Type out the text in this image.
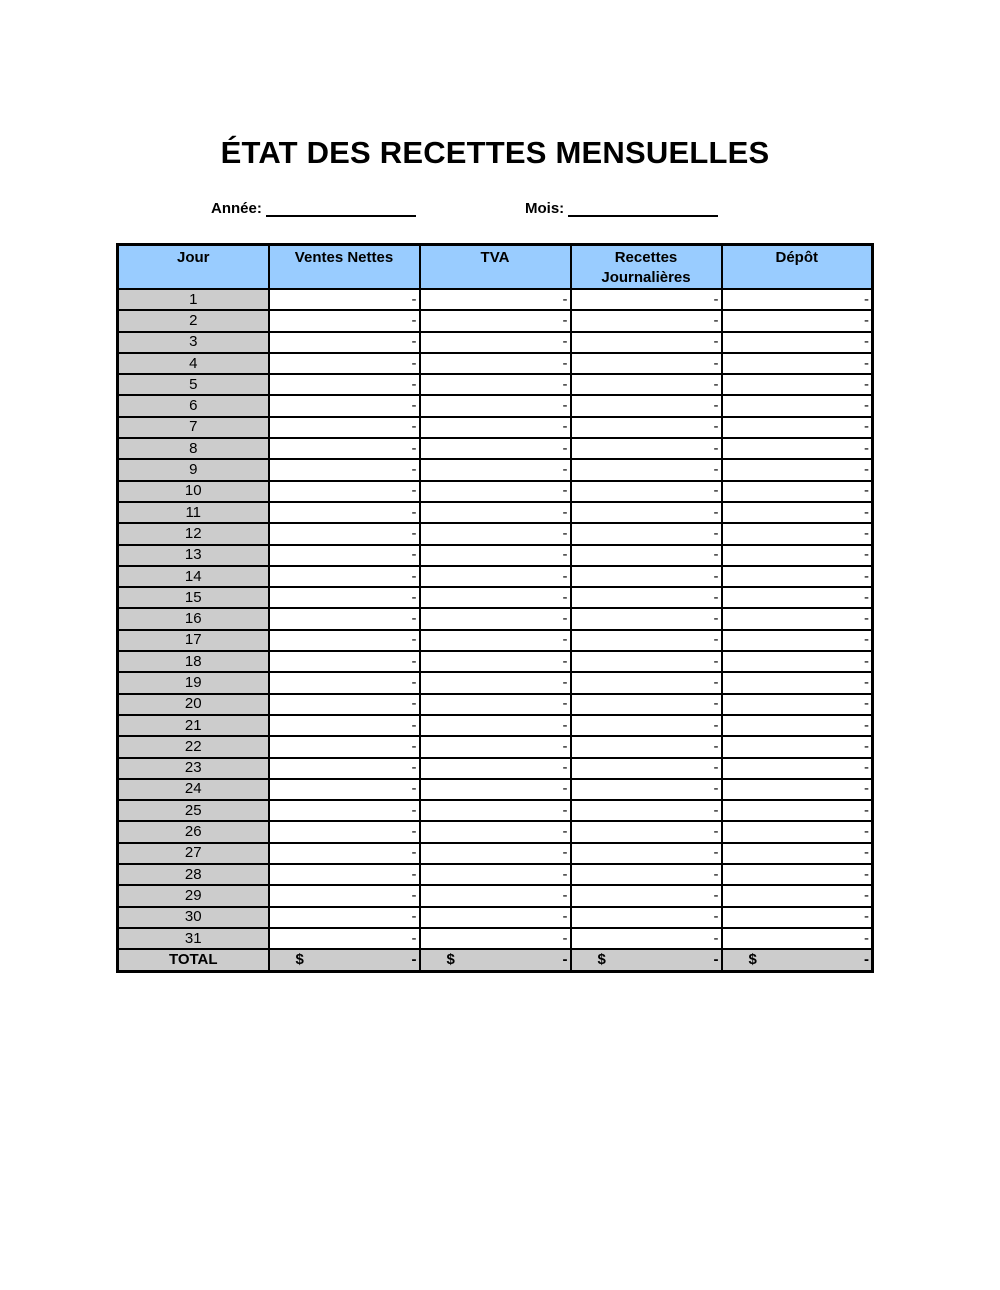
ÉTAT DES RECETTES MENSUELLES
Année:	Mois:
Jour	Ventes Nettes	TVA	Recettes Journalières	Dépôt
1	-	-	-	-
2	-	-	-	-
3	-	-	-	-
4	-	-	-	-
5	-	-	-	-
6	-	-	-	-
7	-	-	-	-
8	-	-	-	-
9	-	-	-	-
10	-	-	-	-
11	-	-	-	-
12	-	-	-	-
13	-	-	-	-
14	-	-	-	-
15	-	-	-	-
16	-	-	-	-
17	-	-	-	-
18	-	-	-	-
19	-	-	-	-
20	-	-	-	-
21	-	-	-	-
22	-	-	-	-
23	-	-	-	-
24	-	-	-	-
25	-	-	-	-
26	-	-	-	-
27	-	-	-	-
28	-	-	-	-
29	-	-	-	-
30	-	-	-	-
31	-	-	-	-
TOTAL	$ -	$ -	$ -	$ -
